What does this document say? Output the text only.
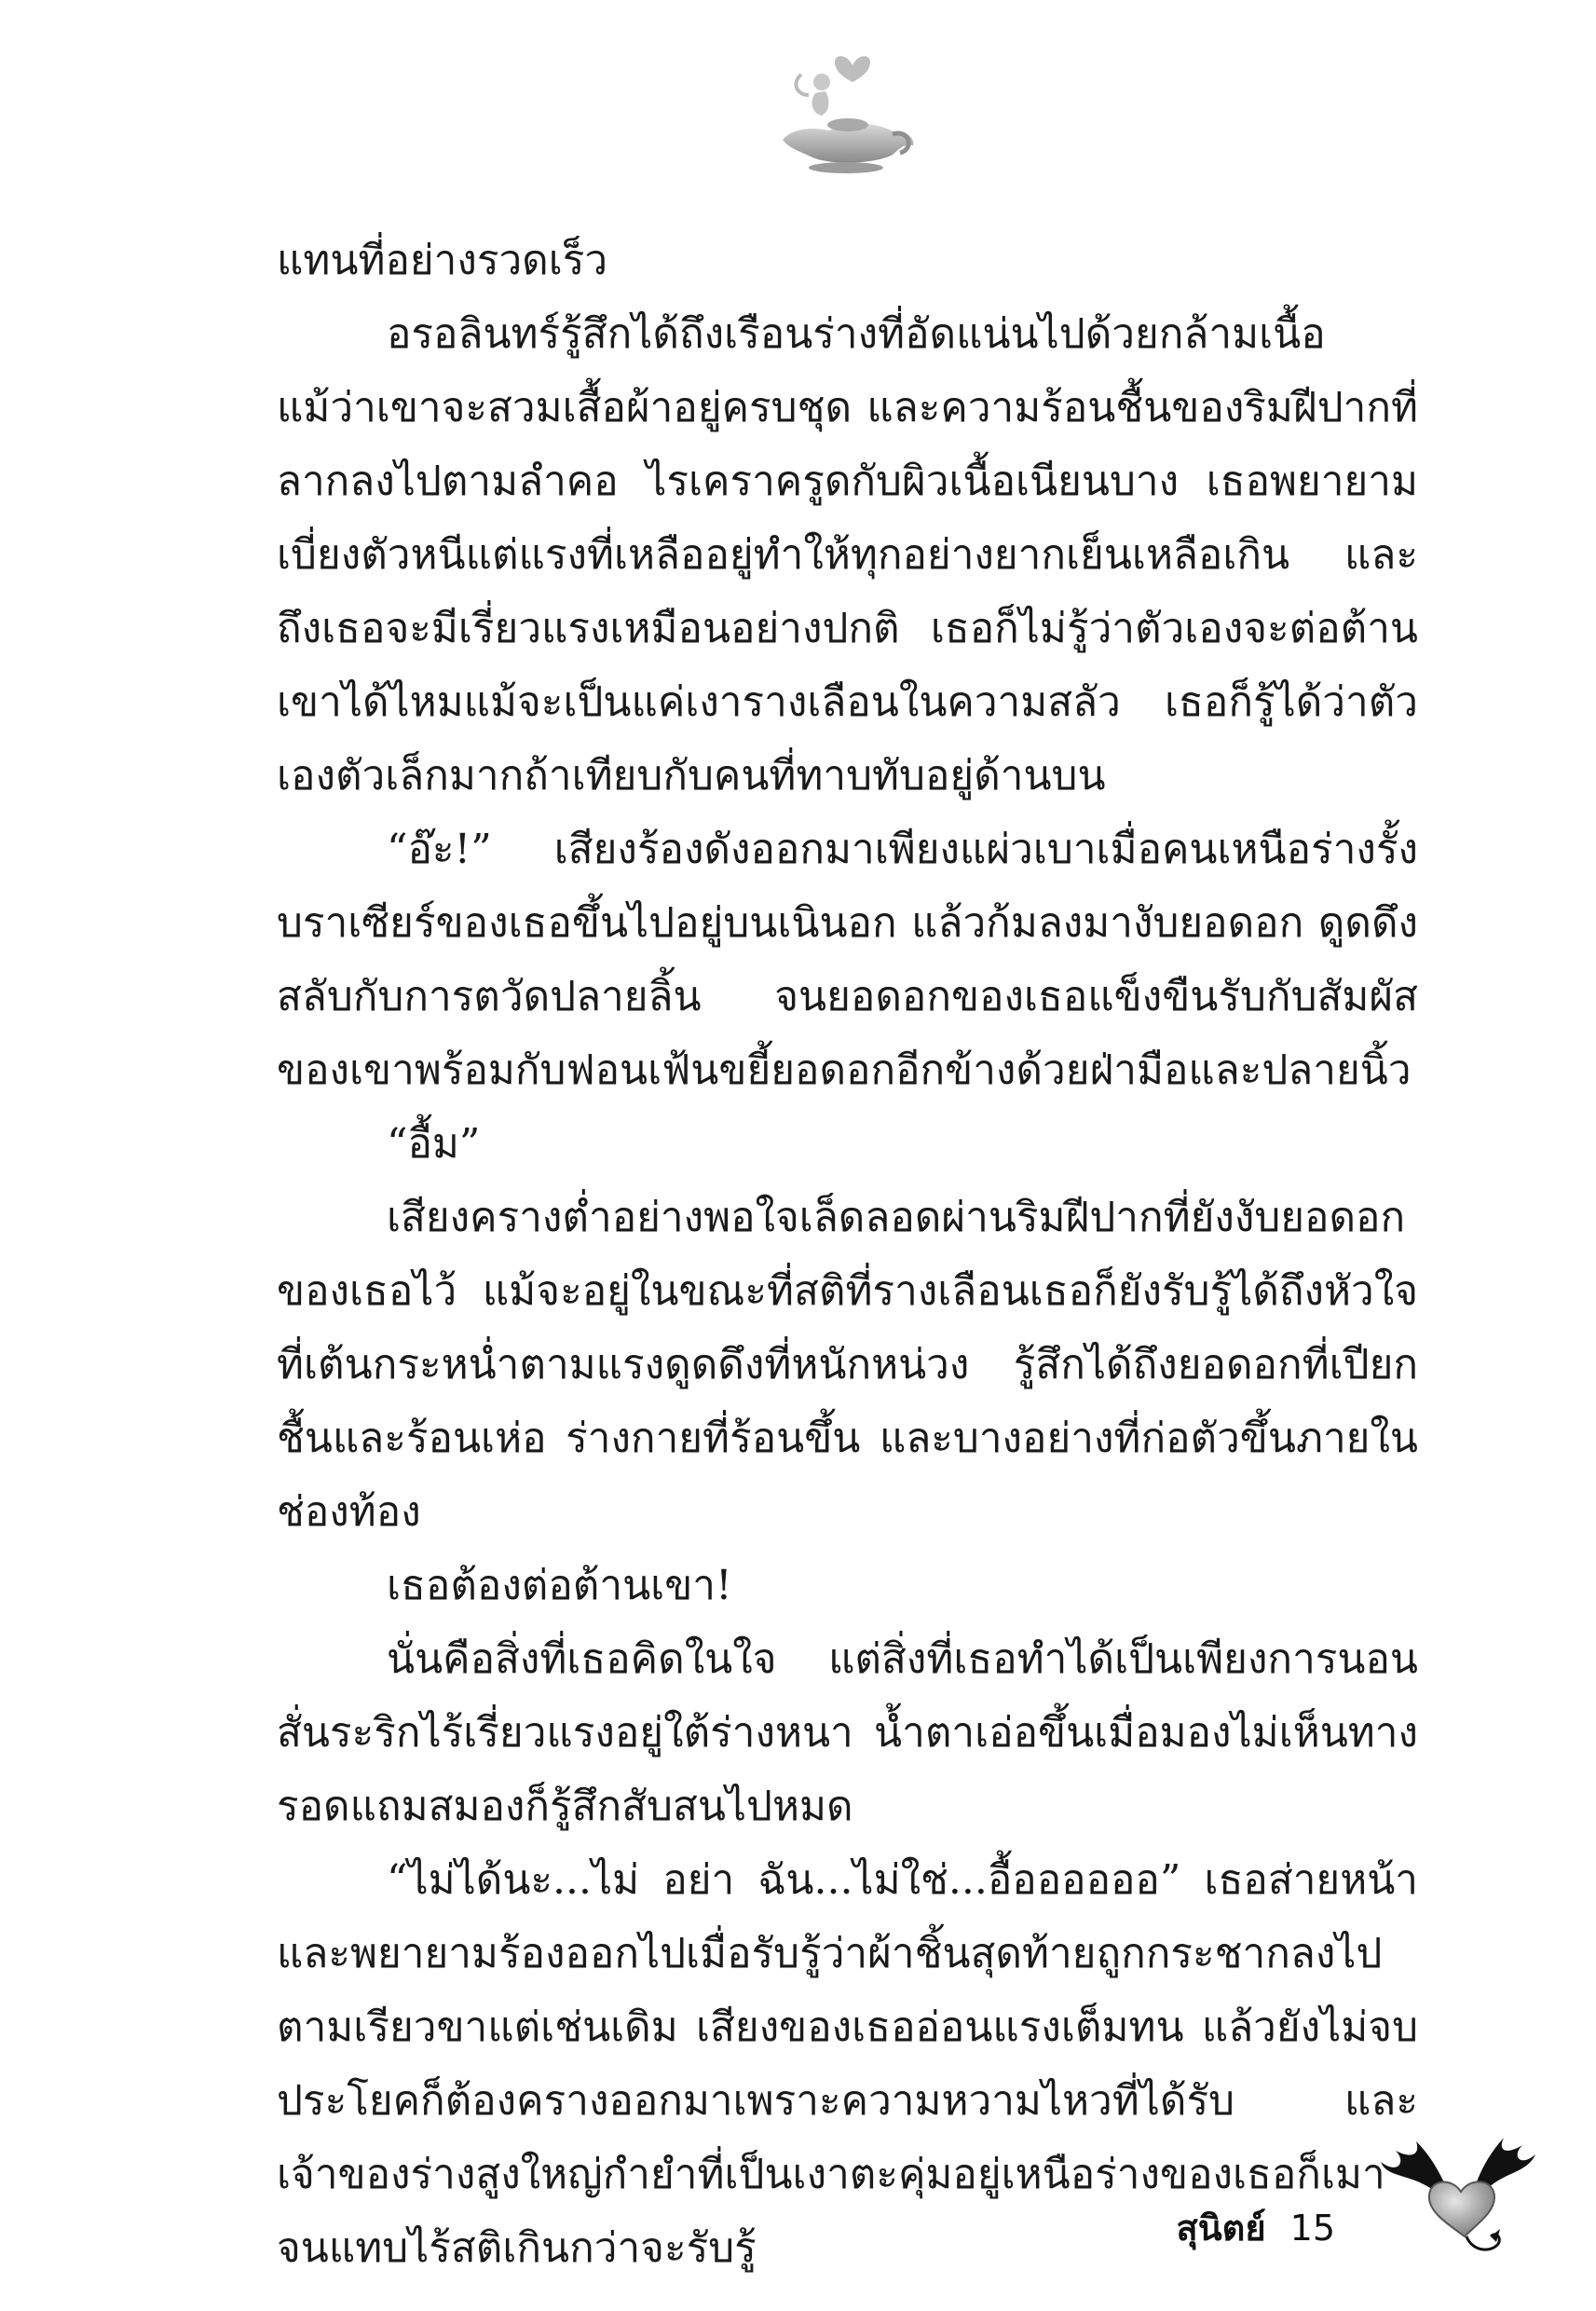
แทนที่อย่างรวดเร็ว

อรอลินทร์รู้สึกได้ถึงเรือนร่างที่อัดแน่นไปด้วยกล้ามเนื้อ แม้ว่าเขาจะสวมเสื้อผ้าอยู่ครบชุด และความร้อนชื้นของริมฝีปากที่ลากลงไปตามลำคอ ไรเคราครูดกับผิวเนื้อเนียนบาง เธอพยายามเบี่ยงตัวหนีแต่แรงที่เหลืออยู่ทำให้ทุกอย่างยากเย็นเหลือเกิน และถึงเธอจะมีเรี่ยวแรงเหมือนอย่างปกติ เธอก็ไม่รู้ว่าตัวเองจะต่อต้านเขาได้ไหมแม้จะเป็นแค่เงารางเลือนในความสลัว เธอก็รู้ได้ว่าตัวเองตัวเล็กมากถ้าเทียบกับคนที่ทาบทับอยู่ด้านบน

“อ๊ะ!” เสียงร้องดังออกมาเพียงแผ่วเบาเมื่อคนเหนือร่างรั้งบราเซียร์ของเธอขึ้นไปอยู่บนเนินอก แล้วก้มลงมางับยอดอก ดูดดึงสลับกับการตวัดปลายลิ้น จนยอดอกของเธอแข็งขืนรับกับสัมผัสของเขาพร้อมกับฟอนเฟ้นขยี้ยอดอกอีกข้างด้วยฝ่ามือและปลายนิ้ว

“อื้ม”

เสียงครางต่ำอย่างพอใจเล็ดลอดผ่านริมฝีปากที่ยังงับยอดอกของเธอไว้ แม้จะอยู่ในขณะที่สติที่รางเลือนเธอก็ยังรับรู้ได้ถึงหัวใจที่เต้นกระหน่ำตามแรงดูดดึงที่หนักหน่วง รู้สึกได้ถึงยอดอกที่เปียกชื้นและร้อนเห่อ ร่างกายที่ร้อนขึ้น และบางอย่างที่ก่อตัวขึ้นภายในช่องท้อง

เธอต้องต่อต้านเขา!

นั่นคือสิ่งที่เธอคิดในใจ แต่สิ่งที่เธอทำได้เป็นเพียงการนอนสั่นระริกไร้เรี่ยวแรงอยู่ใต้ร่างหนา น้ำตาเอ่อขึ้นเมื่อมองไม่เห็นทางรอดแถมสมองก็รู้สึกสับสนไปหมด

“ไม่ได้นะ...ไม่ อย่า ฉัน...ไม่ใช่...อื้ออออออ” เธอส่ายหน้าและพยายามร้องออกไปเมื่อรับรู้ว่าผ้าชิ้นสุดท้ายถูกกระชากลงไปตามเรียวขาแต่เช่นเดิม เสียงของเธออ่อนแรงเต็มทน แล้วยังไม่จบประโยคก็ต้องครางออกมาเพราะความหวามไหวที่ได้รับ และเจ้าของร่างสูงใหญ่กำยำที่เป็นเงาตะคุ่มอยู่เหนือร่างของเธอก็เมาจนแทบไร้สติเกินกว่าจะรับรู้	สุนิตย์ 15
